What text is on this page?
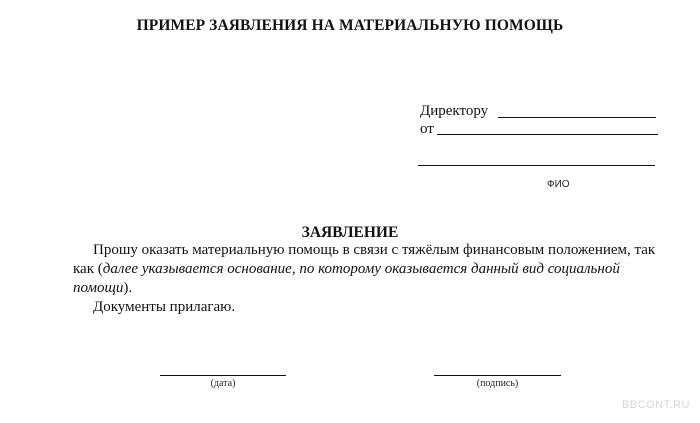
ПРИМЕР ЗАЯВЛЕНИЯ НА МАТЕРИАЛЬНУЮ ПОМОЩЬ
Директору
от
ФИО
ЗАЯВЛЕНИЕ
Прошу оказать материальную помощь в связи с тяжёлым финансовым положением, так
как (далее указывается основание, по которому оказывается данный вид социальной
помощи).
Документы прилагаю.
(дата)	(подпись)
BBCONT.RU
